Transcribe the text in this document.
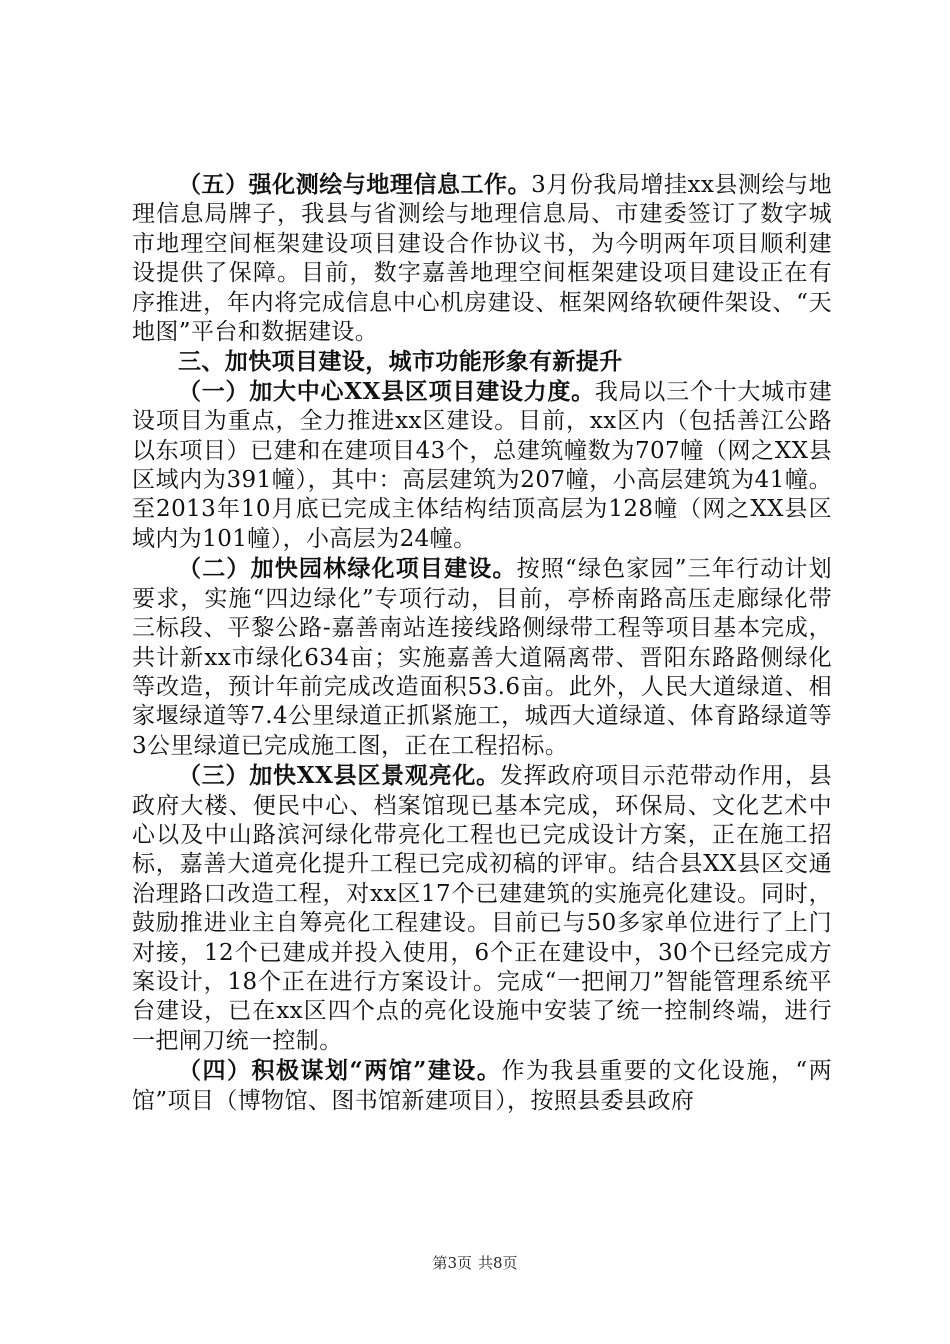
（五）强化测绘与地理信息工作。3月份我局增挂xx县测绘与地理信息局牌子，我县与省测绘与地理信息局、市建委签订了数字城市地理空间框架建设项目建设合作协议书，为今明两年项目顺利建设提供了保障。目前，数字嘉善地理空间框架建设项目建设正在有序推进，年内将完成信息中心机房建设、框架网络软硬件架设、“天地图”平台和数据建设。

三、加快项目建设，城市功能形象有新提升

（一）加大中心XX县区项目建设力度。我局以三个十大城市建设项目为重点，全力推进xx区建设。目前，xx区内（包括善江公路以东项目）已建和在建项目43个，总建筑幢数为707幢（网之XX县区域内为391幢），其中：高层建筑为207幢，小高层建筑为41幢。至2013年10月底已完成主体结构结顶高层为128幢（网之XX县区域内为101幢），小高层为24幢。

（二）加快园林绿化项目建设。按照“绿色家园”三年行动计划要求，实施“四边绿化”专项行动，目前，亭桥南路高压走廊绿化带三标段、平黎公路-嘉善南站连接线路侧绿带工程等项目基本完成，共计新xx市绿化634亩；实施嘉善大道隔离带、晋阳东路路侧绿化等改造，预计年前完成改造面积53.6亩。此外，人民大道绿道、相家堰绿道等7.4公里绿道正抓紧施工，城西大道绿道、体育路绿道等3公里绿道已完成施工图，正在工程招标。

（三）加快XX县区景观亮化。发挥政府项目示范带动作用，县政府大楼、便民中心、档案馆现已基本完成，环保局、文化艺术中心以及中山路滨河绿化带亮化工程也已完成设计方案，正在施工招标，嘉善大道亮化提升工程已完成初稿的评审。结合县XX县区交通治理路口改造工程，对xx区17个已建建筑的实施亮化建设。同时，鼓励推进业主自筹亮化工程建设。目前已与50多家单位进行了上门对接，12个已建成并投入使用，6个正在建设中，30个已经完成方案设计，18个正在进行方案设计。完成“一把闸刀”智能管理系统平台建设，已在xx区四个点的亮化设施中安装了统一控制终端，进行一把闸刀统一控制。

（四）积极谋划“两馆”建设。作为我县重要的文化设施，“两馆”项目（博物馆、图书馆新建项目），按照县委县政府

第3页 共8页
